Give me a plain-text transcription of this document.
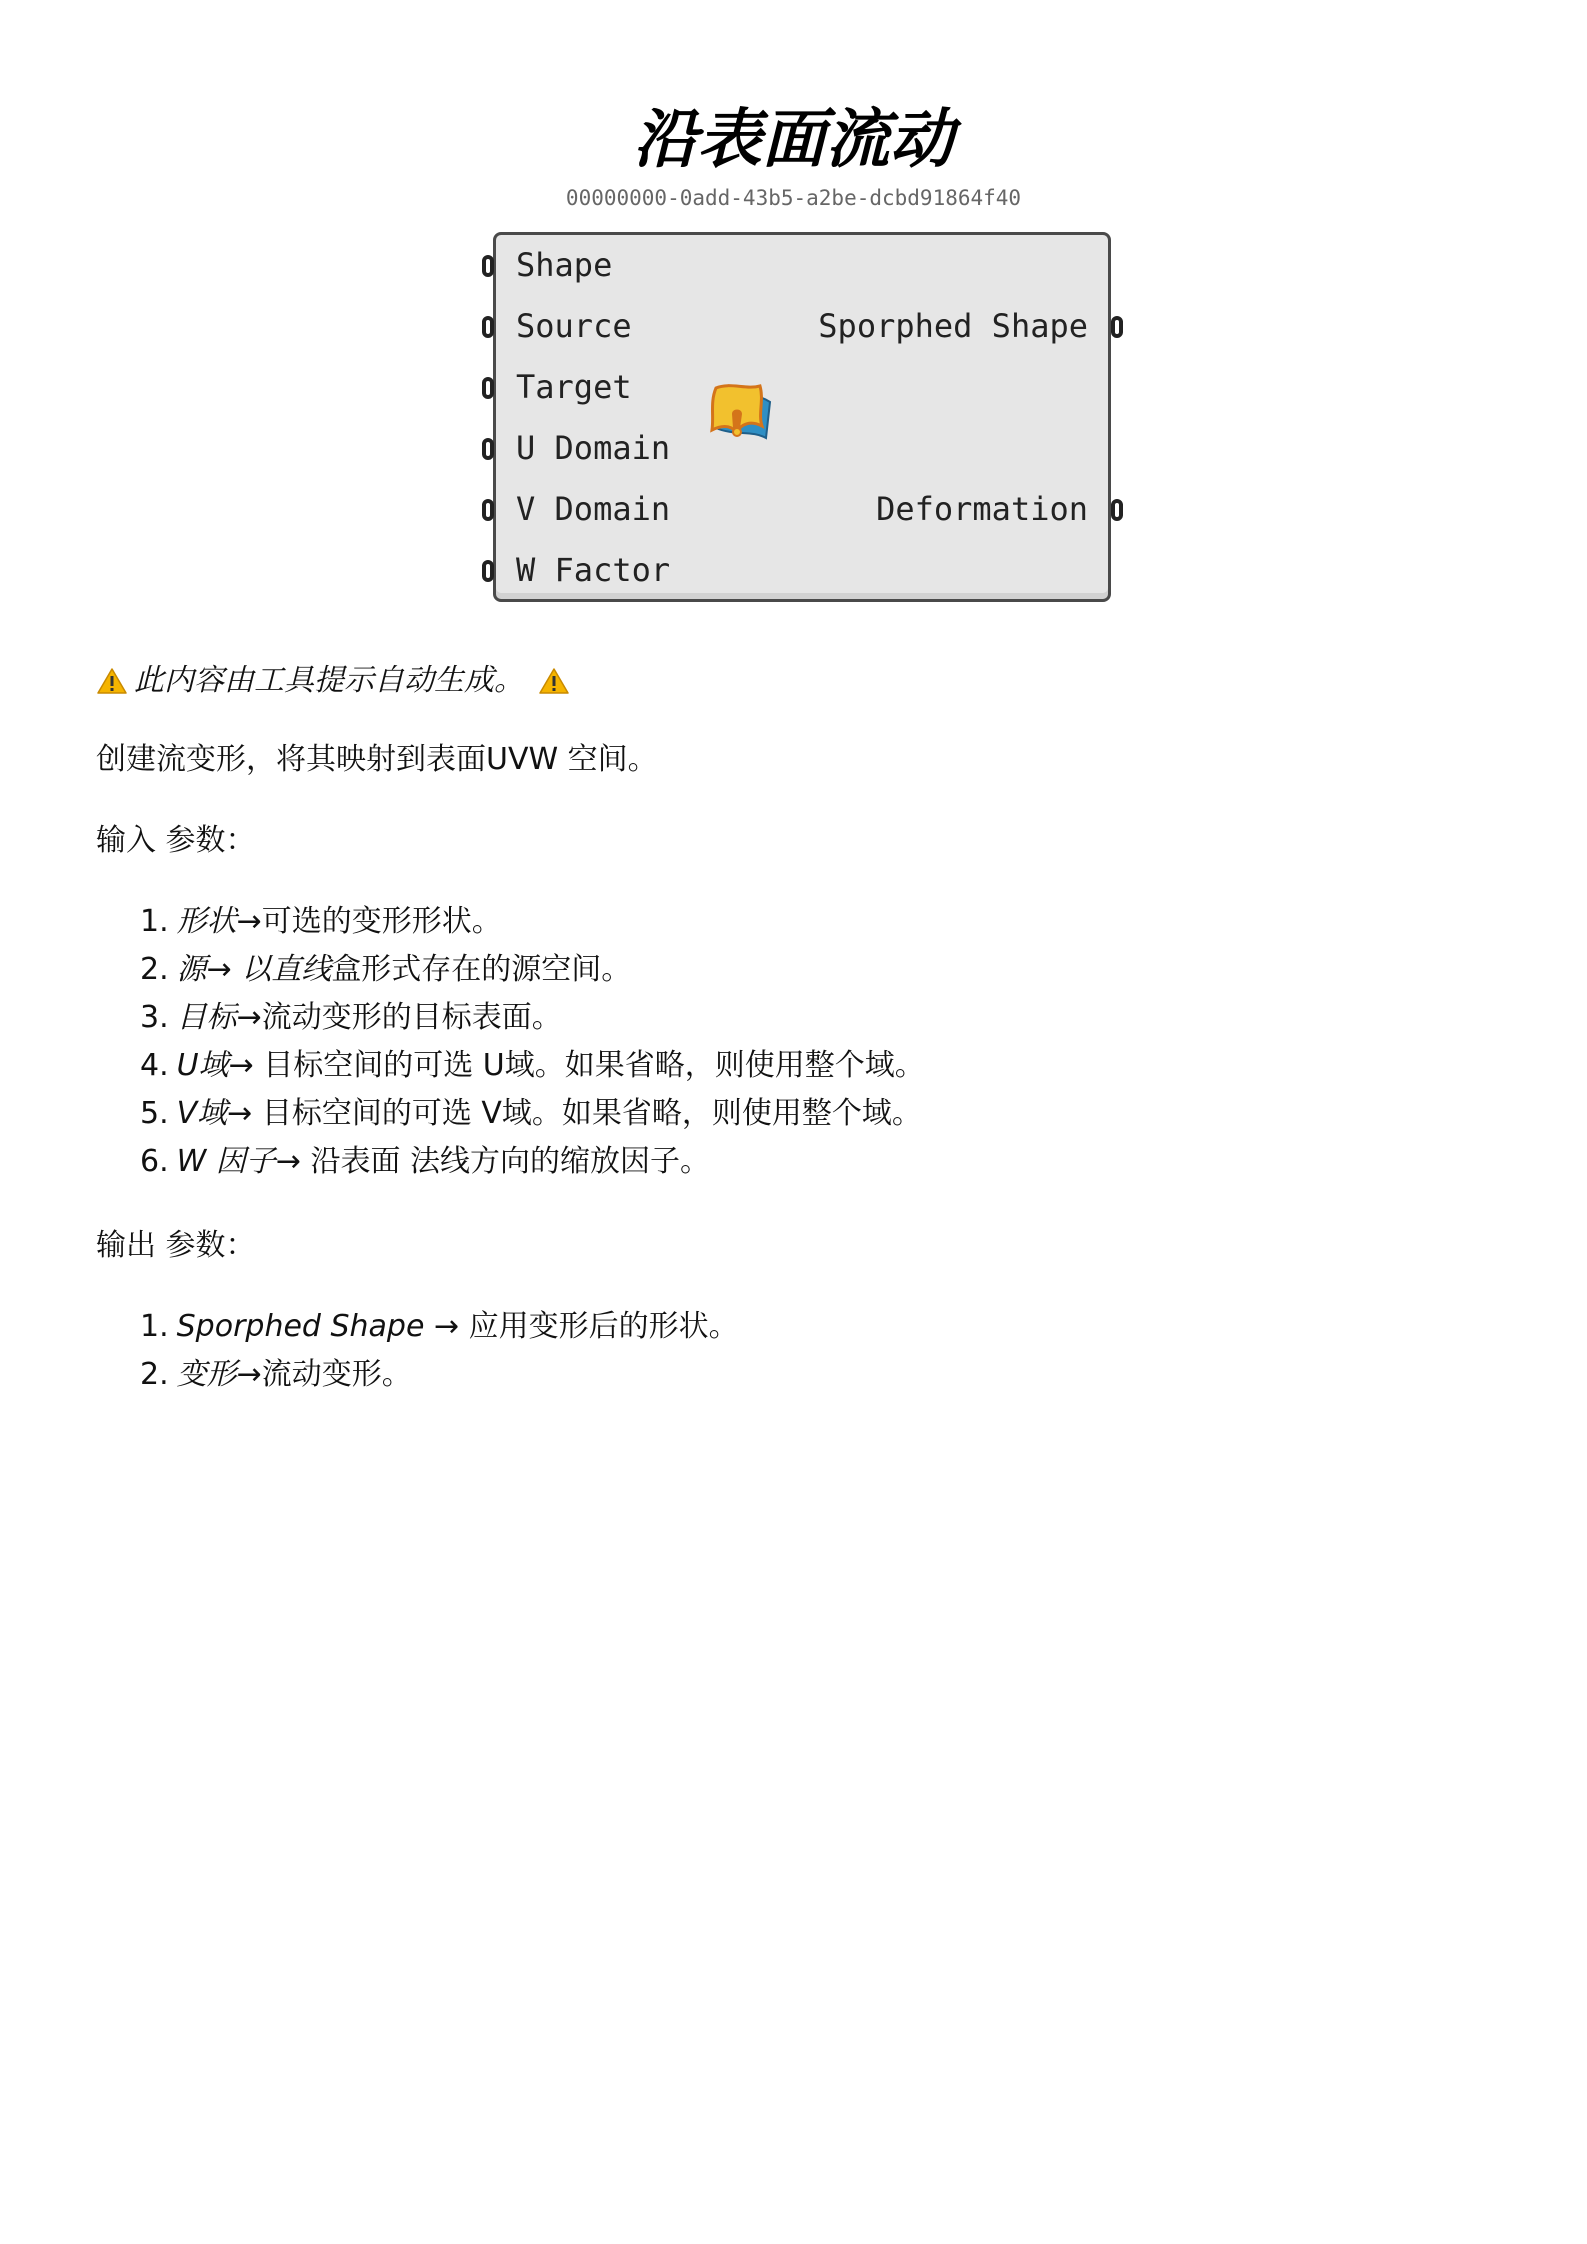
沿表面流动
00000000-0add-43b5-a2be-dcbd91864f40
Shape
Source
Target
U Domain
V Domain
W Factor
Sporphed Shape
Deformation
此内容由工具提示自动生成。
创建流变形，将其映射到表面UVW 空间。
输入 参数：
1. 形状→可选的变形形状。
2. 源→ 以直线盒形式存在的源空间。
3. 目标→流动变形的目标表面。
4. U域→ 目标空间的可选 U域。如果省略，则使用整个域。
5. V域→ 目标空间的可选 V域。如果省略，则使用整个域。
6. W 因子→ 沿表面 法线方向的缩放因子。
输出 参数：
1. Sporphed Shape → 应用变形后的形状。
2. 变形→流动变形。
